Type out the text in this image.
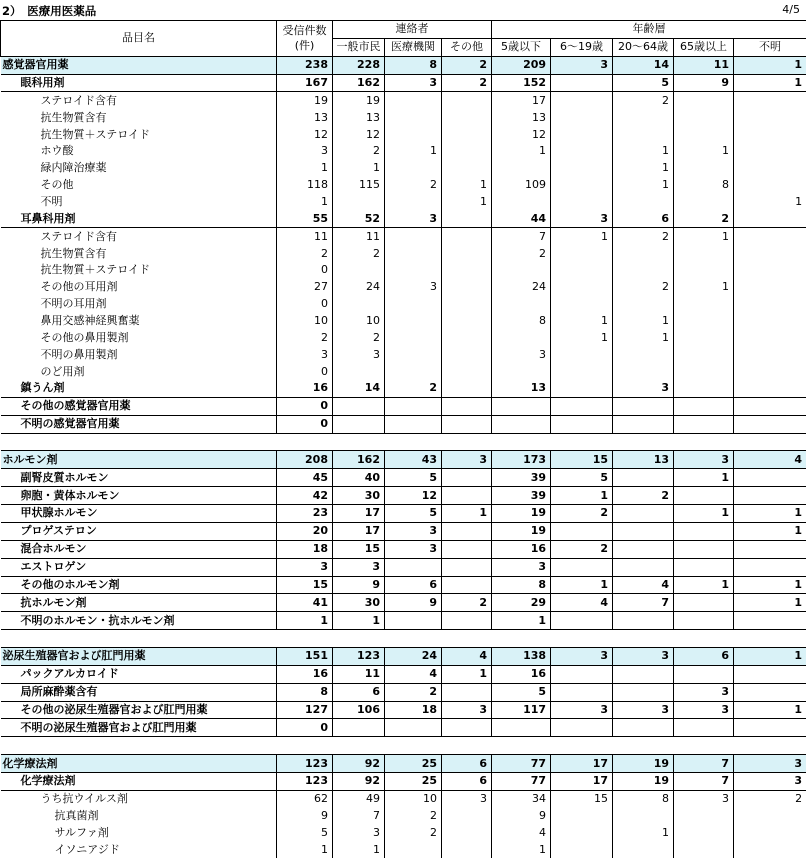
2）　医療用医薬品	4/5
品目名	受信件数
(件)	連絡者			年齢層				
		一般市民	医療機関	その他	5歳以下	6～19歳	20～64歳	65歳以上	不明
感覚器官用薬	238	228	8	2	209	3	14	11	1
眼科用剤	167	162	3	2	152		5	9	1
ステロイド含有	19	19			17		2		
抗生物質含有	13	13			13				
抗生物質＋ステロイド	12	12			12				
ホウ酸	3	2	1		1		1	1	
緑内障治療薬	1	1					1		
その他	118	115	2	1	109		1	8	
不明	1			1					1
耳鼻科用剤	55	52	3		44	3	6	2	
ステロイド含有	11	11			7	1	2	1	
抗生物質含有	2	2			2				
抗生物質＋ステロイド	0								
その他の耳用剤	27	24	3		24		2	1	
不明の耳用剤	0								
鼻用交感神経興奮薬	10	10			8	1	1		
その他の鼻用製剤	2	2				1	1		
不明の鼻用製剤	3	3			3				
のど用剤	0								
鎮うん剤	16	14	2		13		3		
その他の感覚器官用薬	0								
不明の感覚器官用薬	0								

ホルモン剤	208	162	43	3	173	15	13	3	4
副腎皮質ホルモン	45	40	5		39	5		1	
卵胞・黄体ホルモン	42	30	12		39	1	2		
甲状腺ホルモン	23	17	5	1	19	2		1	1
プロゲステロン	20	17	3		19				1
混合ホルモン	18	15	3		16	2			
エストロゲン	3	3			3				
その他のホルモン剤	15	9	6		8	1	4	1	1
抗ホルモン剤	41	30	9	2	29	4	7		1
不明のホルモン・抗ホルモン剤	1	1			1				

泌尿生殖器官および肛門用薬	151	123	24	4	138	3	3	6	1
パックアルカロイド	16	11	4	1	16				
局所麻酔薬含有	8	6	2		5			3	
その他の泌尿生殖器官および肛門用薬	127	106	18	3	117	3	3	3	1
不明の泌尿生殖器官および肛門用薬	0								

化学療法剤	123	92	25	6	77	17	19	7	3
化学療法剤	123	92	25	6	77	17	19	7	3
うち抗ウイルス剤	62	49	10	3	34	15	8	3	2
抗真菌剤	9	7	2		9				
サルファ剤	5	3	2		4		1		
イソニアジド	1	1			1				
